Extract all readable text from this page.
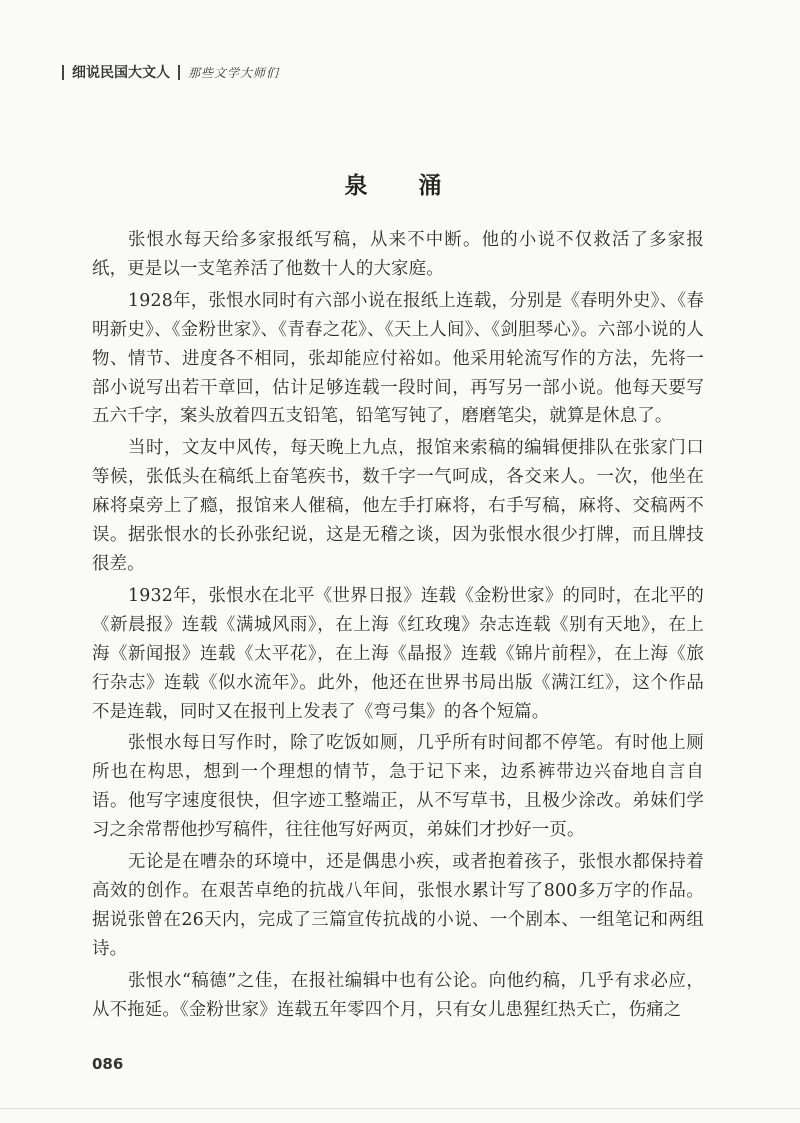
细说民国大文人 那些文学大师们
泉　涌

张恨水每天给多家报纸写稿，从来不中断。他的小说不仅救活了多家报纸，更是以一支笔养活了他数十人的大家庭。

1928年，张恨水同时有六部小说在报纸上连载，分别是《春明外史》、《春明新史》、《金粉世家》、《青春之花》、《天上人间》、《剑胆琴心》。六部小说的人物、情节、进度各不相同，张却能应付裕如。他采用轮流写作的方法，先将一部小说写出若干章回，估计足够连载一段时间，再写另一部小说。他每天要写五六千字，案头放着四五支铅笔，铅笔写钝了，磨磨笔尖，就算是休息了。

当时，文友中风传，每天晚上九点，报馆来索稿的编辑便排队在张家门口等候，张低头在稿纸上奋笔疾书，数千字一气呵成，各交来人。一次，他坐在麻将桌旁上了瘾，报馆来人催稿，他左手打麻将，右手写稿，麻将、交稿两不误。据张恨水的长孙张纪说，这是无稽之谈，因为张恨水很少打牌，而且牌技很差。

1932年，张恨水在北平《世界日报》连载《金粉世家》的同时，在北平的《新晨报》连载《满城风雨》，在上海《红玫瑰》杂志连载《别有天地》，在上海《新闻报》连载《太平花》，在上海《晶报》连载《锦片前程》，在上海《旅行杂志》连载《似水流年》。此外，他还在世界书局出版《满江红》，这个作品不是连载，同时又在报刊上发表了《弯弓集》的各个短篇。

张恨水每日写作时，除了吃饭如厕，几乎所有时间都不停笔。有时他上厕所也在构思，想到一个理想的情节，急于记下来，边系裤带边兴奋地自言自语。他写字速度很快，但字迹工整端正，从不写草书，且极少涂改。弟妹们学习之余常帮他抄写稿件，往往他写好两页，弟妹们才抄好一页。

无论是在嘈杂的环境中，还是偶患小疾，或者抱着孩子，张恨水都保持着高效的创作。在艰苦卓绝的抗战八年间，张恨水累计写了800多万字的作品。据说张曾在26天内，完成了三篇宣传抗战的小说、一个剧本、一组笔记和两组诗。

张恨水“稿德”之佳，在报社编辑中也有公论。向他约稿，几乎有求必应，从不拖延。《金粉世家》连载五年零四个月，只有女儿患猩红热夭亡，伤痛之

086
